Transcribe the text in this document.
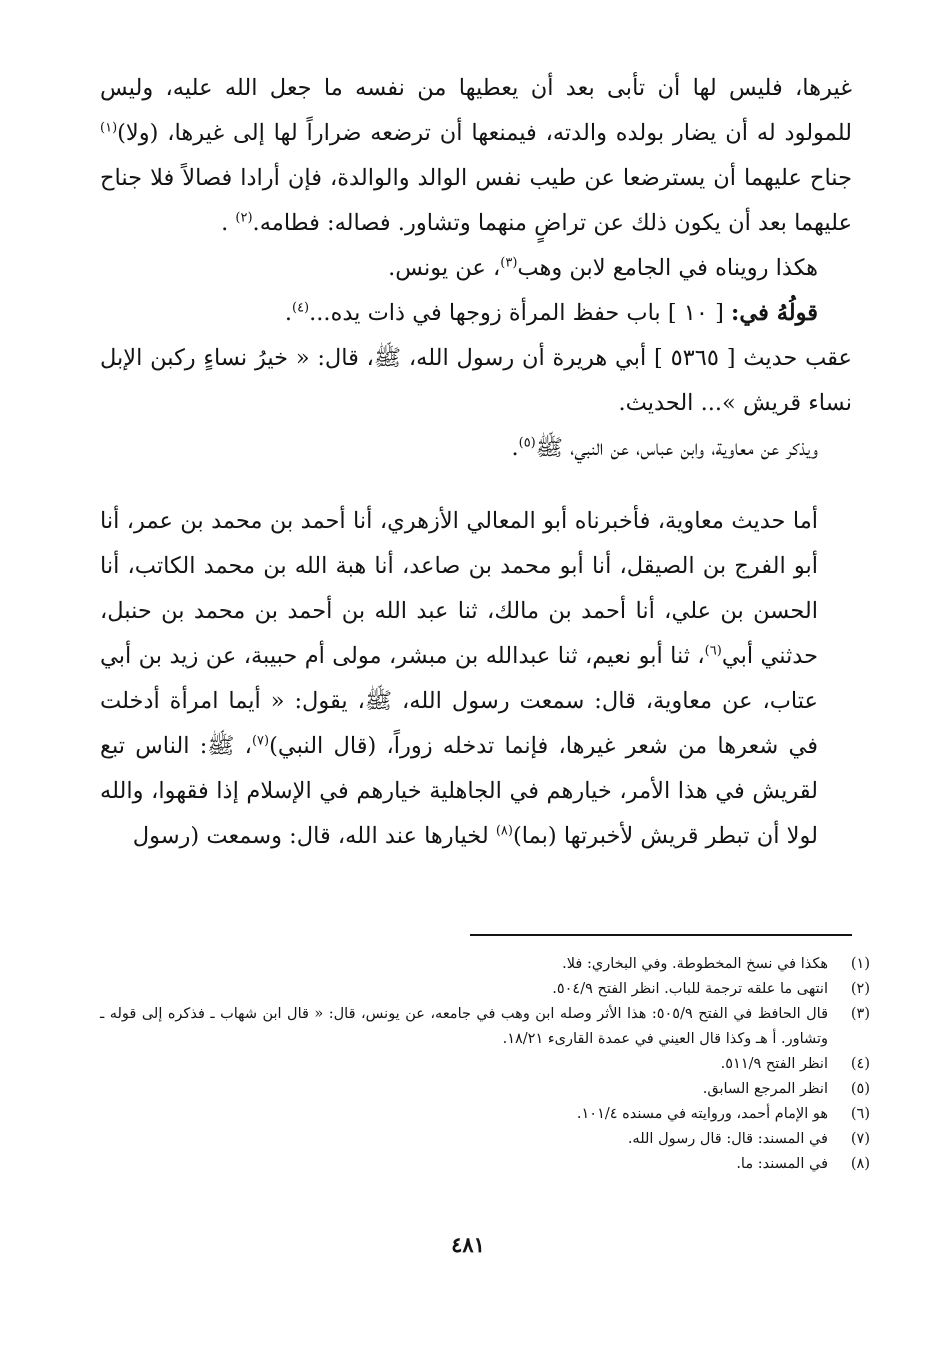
غيرها، فليس لها أن تأبى بعد أن يعطيها من نفسه ما جعل الله عليه، وليس للمولود له أن يضار بولده والدته، فيمنعها أن ترضعه ضراراً لها إلى غيرها، (ولا)$^{(١)}$ جناح عليهما أن يسترضعا عن طيب نفس الوالد والوالدة، فإن أرادا فصالاً فلا جناح عليهما بعد أن يكون ذلك عن تراضٍ منهما وتشاور. فصاله: فطامه.$^{(٢)}$ .

هكذا رويناه في الجامع لابن وهب$^{(٣)}$، عن يونس.

قولُهُ في: [ ١٠ ] باب حفظ المرأة زوجها في ذات يده...$^{(٤)}$.

عقب حديث [ ٥٣٦٥ ] أبي هريرة أن رسول الله، ﷺ، قال: « خيرُ نساءٍ ركبن الإبل نساء قريش »... الحديث.

ويذكر عن معاوية، وابن عباس، عن النبي، ﷺ$^{(٥)}$.

أما حديث معاوية، فأخبرناه أبو المعالي الأزهري، أنا أحمد بن محمد بن عمر، أنا أبو الفرج بن الصيقل، أنا أبو محمد بن صاعد، أنا هبة الله بن محمد الكاتب، أنا الحسن بن علي، أنا أحمد بن مالك، ثنا عبد الله بن أحمد بن محمد بن حنبل، حدثني أبي$^{(٦)}$، ثنا أبو نعيم، ثنا عبدالله بن مبشر، مولى أم حبيبة، عن زيد بن أبي عتاب، عن معاوية، قال: سمعت رسول الله، ﷺ، يقول: « أيما امرأة أدخلت في شعرها من شعر غيرها، فإنما تدخله زوراً، (قال النبي)$^{(٧)}$، ﷺ: الناس تبع لقريش في هذا الأمر، خيارهم في الجاهلية خيارهم في الإسلام إذا فقهوا، والله لولا أن تبطر قريش لأخبرتها (بما)$^{(٨)}$ لخيارها عند الله، قال: وسمعت (رسول

(١)
هكذا في نسخ المخطوطة. وفي البخاري: فلا.
(٢)
انتهى ما علقه ترجمة للباب. انظر الفتح ٥٠٤/٩.
(٣)
قال الحافظ في الفتح ٥٠٥/٩: هذا الأثر وصله ابن وهب في جامعه، عن يونس، قال: « قال ابن شهاب ـ فذكره إلى قوله ـ وتشاور. أ هـ وكذا قال العيني في عمدة القارىء ١٨/٢١.
(٤)
انظر الفتح ٥١١/٩.
(٥)
انظر المرجع السابق.
(٦)
هو الإمام أحمد، وروايته في مسنده ١٠١/٤.
(٧)
في المسند: قال: قال رسول الله.
(٨)
في المسند: ما.
٤٨١
